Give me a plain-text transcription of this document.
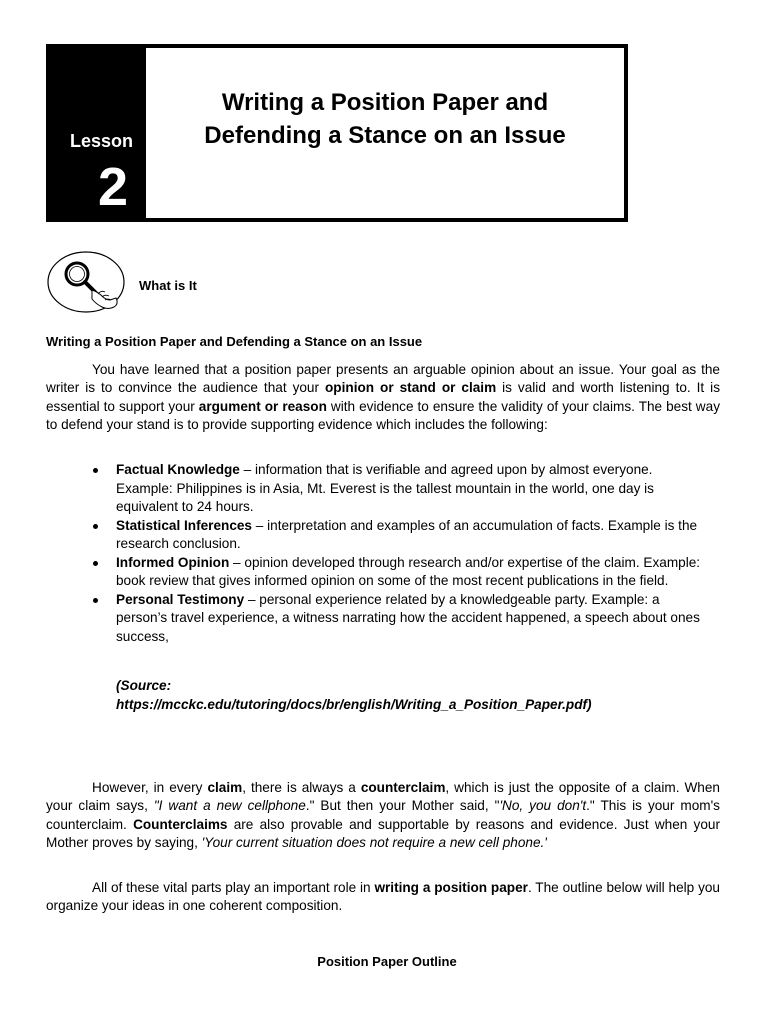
Lesson
2
Writing a Position Paper and
Defending a Stance on an Issue
What is It
Writing a Position Paper and Defending a Stance on an Issue

You have learned that a position paper presents an arguable opinion about an issue. Your goal as the writer is to convince the audience that your opinion or stand or claim is valid and worth listening to. It is essential to support your argument or reason with evidence to ensure the validity of your claims. The best way to defend your stand is to provide supporting evidence which includes the following:

Factual Knowledge – information that is verifiable and agreed upon by almost everyone. Example: Philippines is in Asia, Mt. Everest is the tallest mountain in the world, one day is equivalent to 24 hours.
Statistical Inferences – interpretation and examples of an accumulation of facts. Example is the research conclusion.
Informed Opinion – opinion developed through research and/or expertise of the claim. Example: book review that gives informed opinion on some of the most recent publications in the field.
Personal Testimony – personal experience related by a knowledgeable party. Example: a person’s travel experience, a witness narrating how the accident happened, a speech about ones success,
(Source:
https://mcckc.edu/tutoring/docs/br/english/Writing_a_Position_Paper.pdf)

However, in every claim, there is always a counterclaim, which is just the opposite of a claim. When your claim says, "I want a new cellphone." But then your Mother said, "'No, you don't." This is your mom's counterclaim. Counterclaims are also provable and supportable by reasons and evidence. Just when your Mother proves by saying, 'Your current situation does not require a new cell phone.'

All of these vital parts play an important role in writing a position paper. The outline below will help you organize your ideas in one coherent composition.

Position Paper Outline
